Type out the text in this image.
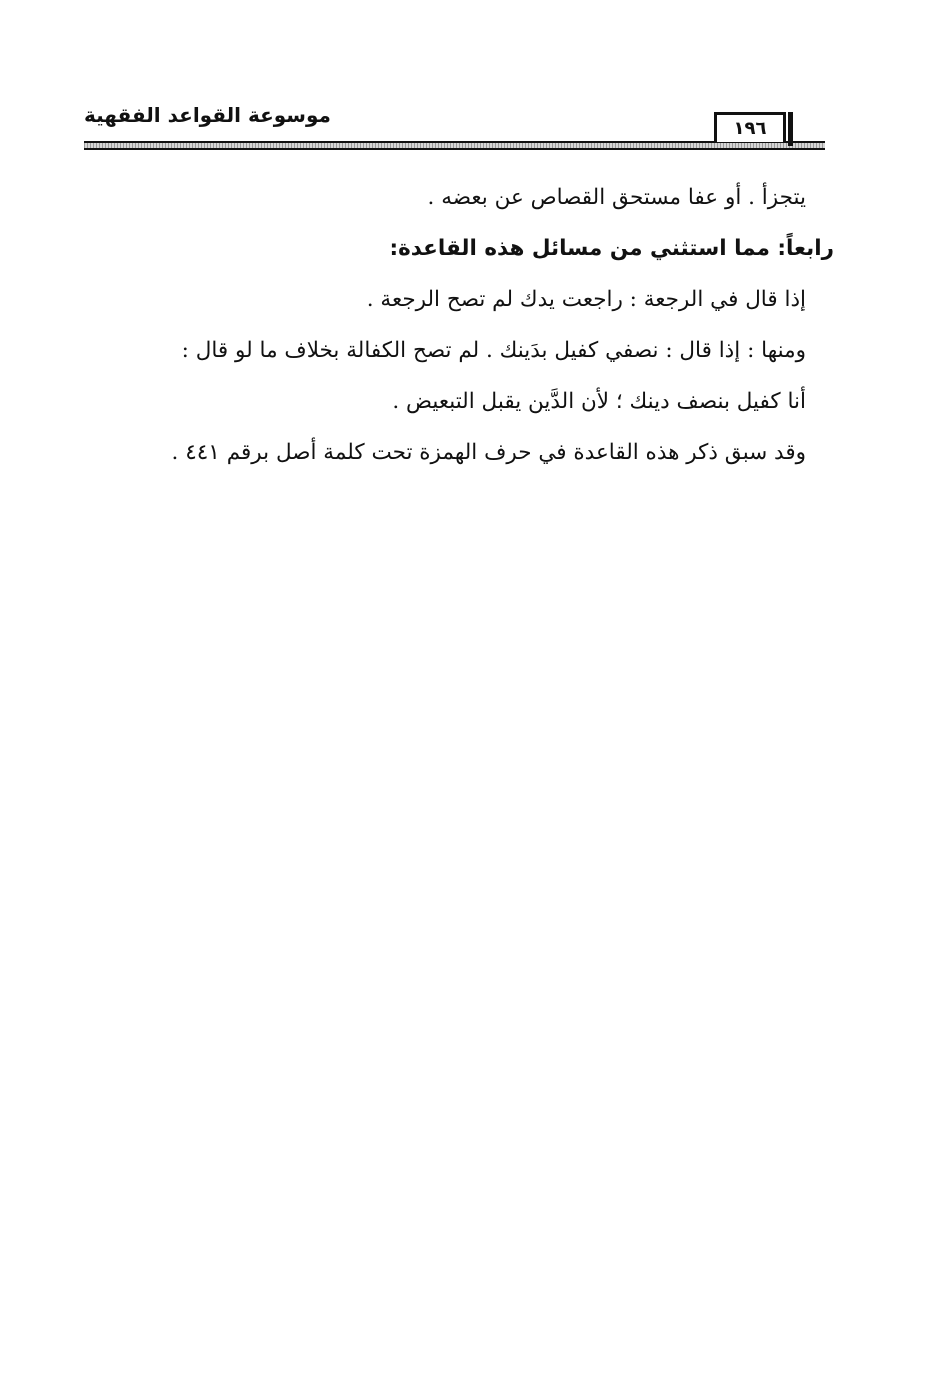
موسوعة القواعد الفقهية
١٩٦

يتجزأ . أو عفا مستحق القصاص عن بعضه .

رابعاً: مما استثني من مسائل هذه القاعدة:

إذا قال في الرجعة : راجعت يدك لم تصح الرجعة .

ومنها : إذا قال : نصفي كفيل بدَينك . لم تصح الكفالة بخلاف ما لو قال :

أنا كفيل بنصف دينك ؛ لأن الدَّين يقبل التبعيض .

وقد سبق ذكر هذه القاعدة في حرف الهمزة تحت كلمة أصل برقم ٤٤١ .
